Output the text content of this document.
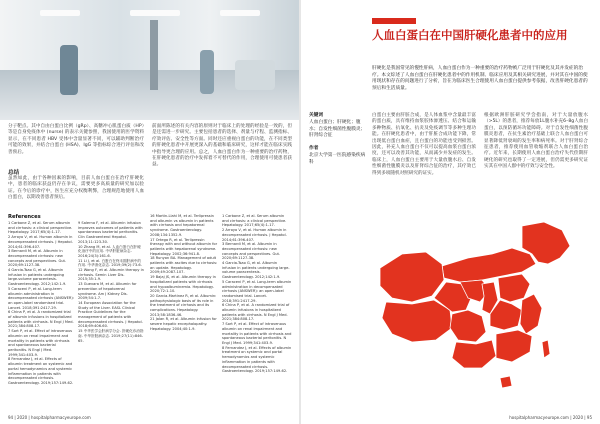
分子靶点。其中自由白蛋白比例（gRp）、高糖冲心肌蛋白质（HP）等是自身免疫体中 (nurse) 的表示关键参照，我国使用的医学资料显示，在不同患者 HBV 受体中含量显著不同，可以辅助判断治疗可能的效果，并结合白蛋白 (HSA)、IgG 等指标综合进行评估和改善预后。
总结
虽然如此，由于各种因素的影响，目前人血白蛋白在治疗肝硬化中，患者的临床获益仍存在争议，需要更多高质量的研究加以验证。在今后的诊疗中，医生应充分权衡利弊，合理规范地使用人血白蛋白，以期改善患者预后。
前面所陈述的有关内容的原则对于临床上的处理的经验是一致的，但是还需进一步研究。主要包括患者的选择、剂量与疗程、监测指标、疗效评估、安全性等方面。同时还应重视白蛋白的功能，在不同类型的肝硬化患者中开展更深入的基础和临床研究，这样才能在临床实践中指导更合理的应用。总之，人血白蛋白作为一种重要的治疗药物，在肝硬化患者的治疗中发挥着不可替代的作用，合理使用可使患者获益。
References
1 Carbone Z, et al. Serum albumin and cirrhosis: a clinical perspective. Hepatology. 2017;65(4):1-17.
2 Arroyo V, et al. Human albumin in decompensated cirrhosis. J Hepatol. 2014;61:396-407.
3 Bernardi M, et al. Albumin in decompensated cirrhosis: new concepts and perspectives. Gut. 2020;69:1127-38.
4 Garcia-Tsao G, et al. Albumin infusion in patients undergoing large-volume paracentesis. Gastroenterology. 2012;142:1-9.
5 Caraceni P, et al. Long-term albumin administration in decompensated cirrhosis (ANSWER): an open-label randomised trial. Lancet. 2018;391:2417-29.
6 China P, et al. A randomized trial of albumin infusions in hospitalized patients with cirrhosis. N Engl J Med. 2021;384:808-17.
7 Sort P, et al. Effect of intravenous albumin on renal impairment and mortality in patients with cirrhosis and spontaneous bacterial peritonitis. N Engl J Med. 1999;341:403-9.
8 Fernandez J, et al. Effects of albumin treatment on systemic and portal hemodynamics and systemic inflammation in patients with decompensated cirrhosis. Gastroenterology. 2019;157:149-62.
9 Salerno F, et al. Albumin infusion improves outcomes of patients with spontaneous bacterial peritonitis. Clin Gastroenterol Hepatol. 2013;11:123-30.
10 Zhang M, et al. 人血白蛋白在肝硬化治疗中的应用. 中华肝脏病杂志. 2016;24(3):161-6.
11 Li J, et al. 白蛋白在终末期肝病中的作用. 中华消化杂志. 2019;39(2):73-6.
12 Wong F, et al. Albumin therapy in cirrhosis. Semin Liver Dis. 2015;35:1-9.
13 Guevara M, et al. Albumin for prevention of hepatorenal syndrome. Am J Kidney Dis. 2009;54:1-7.
14 European Association for the Study of the Liver. EASL Clinical Practice Guidelines for the management of patients with decompensated cirrhosis. J Hepatol. 2018;69:406-60.
15 中华医学会肝病学分会. 肝硬化诊治指南. 中华肝脏病杂志. 2019;27(11):846-65.
16 Martin-Llahi M, et al. Terlipressin and albumin vs albumin in patients with cirrhosis and hepatorenal syndrome. Gastroenterology. 2008;134:1352-9.
17 Ortega R, et al. Terlipressin therapy with and without albumin for patients with hepatorenal syndrome. Hepatology. 2002;36:941-8.
18 Runyon BA. Management of adult patients with ascites due to cirrhosis: an update. Hepatology. 2009;49:2087-107.
19 Bajaj JS, et al. Albumin therapy in hospitalized patients with cirrhosis and hypoalbuminemia. Hepatology. 2020;72:1-10.
20 Garcia-Martinez R, et al. Albumin: pathophysiologic basis of its role in the treatment of cirrhosis and its complications. Hepatology. 2013;58:1836-46.
21 Jalan R, et al. Albumin infusion for severe hepatic encephalopathy. Hepatology. 2004;40:1-9.
1 Carbone Z, et al. Serum albumin and cirrhosis: a clinical perspective. Hepatology. 2017;65(4):1-17.
2 Arroyo V, et al. Human albumin in decompensated cirrhosis. J Hepatol. 2014;61:396-407.
3 Bernardi M, et al. Albumin in decompensated cirrhosis: new concepts and perspectives. Gut. 2020;69:1127-38.
4 Garcia-Tsao G, et al. Albumin infusion in patients undergoing large-volume paracentesis. Gastroenterology. 2012;142:1-9.
5 Caraceni P, et al. Long-term albumin administration in decompensated cirrhosis (ANSWER): an open-label randomised trial. Lancet. 2018;391:2417-29.
6 China P, et al. A randomized trial of albumin infusions in hospitalized patients with cirrhosis. N Engl J Med. 2021;384:808-17.
7 Sort P, et al. Effect of intravenous albumin on renal impairment and mortality in patients with cirrhosis and spontaneous bacterial peritonitis. N Engl J Med. 1999;341:403-9.
8 Fernandez J, et al. Effects of albumin treatment on systemic and portal hemodynamics and systemic inflammation in patients with decompensated cirrhosis. Gastroenterology. 2019;157:149-62.
94 | 2020 | hospitalpharmacyeurope.com
人血白蛋白在中国肝硬化患者中的应用
肝硬化是我国常见的慢性肝病，人血白蛋白作为一种重要的治疗药物被广泛用于肝硬化及其并发症的治疗。本文综述了人血白蛋白在肝硬化患者中的作用机制、临床应用及其相关研究进展，并对其在中国的使用现状和存在的问题进行了分析，旨在为临床医生合理使用人血白蛋白提供参考依据，改善肝硬化患者的预后和生活质量。
关键词
人血白蛋白；肝硬化；腹水；自发性细菌性腹膜炎；肝肾综合征
作者
北京大学第一医院感染疾病科
白蛋白主要由肝脏合成，是人体血浆中含量最丰富的蛋白质，具有维持血浆胶体渗透压、结合和运输多种物质、抗氧化、抗炎及免疫调节等多种生理功能。在肝硬化患者中，由于肝脏合成功能下降，常出现低白蛋白血症，且白蛋白的功能也受到损害。因此，补充人血白蛋白不仅可以提高血浆白蛋白浓度，还可以改善其功能，从而减少并发症的发生。临床上，人血白蛋白主要用于大量放腹水后、自发性细菌性腹膜炎以及肝肾综合征的治疗，其疗效已得到多项随机对照研究的证实。
根据欧洲肝脏研究学会指南，对于大量放腹水（>5L）的患者，推荐每放1L腹水补充6–8g人血白蛋白，以预防循环功能障碍。对于自发性细菌性腹膜炎患者，在抗生素治疗基础上联合人血白蛋白可显著降低肾衰竭的发生率和病死率。对于肝肾综合征患者，推荐使用血管收缩剂联合人血白蛋白治疗。近年来，长期使用人血白蛋白治疗失代偿期肝硬化的研究也取得了一定进展，但仍需更多研究证实其在中国人群中的疗效与安全性。
hospitalpharmacyeurope.com | 2020 | 95
